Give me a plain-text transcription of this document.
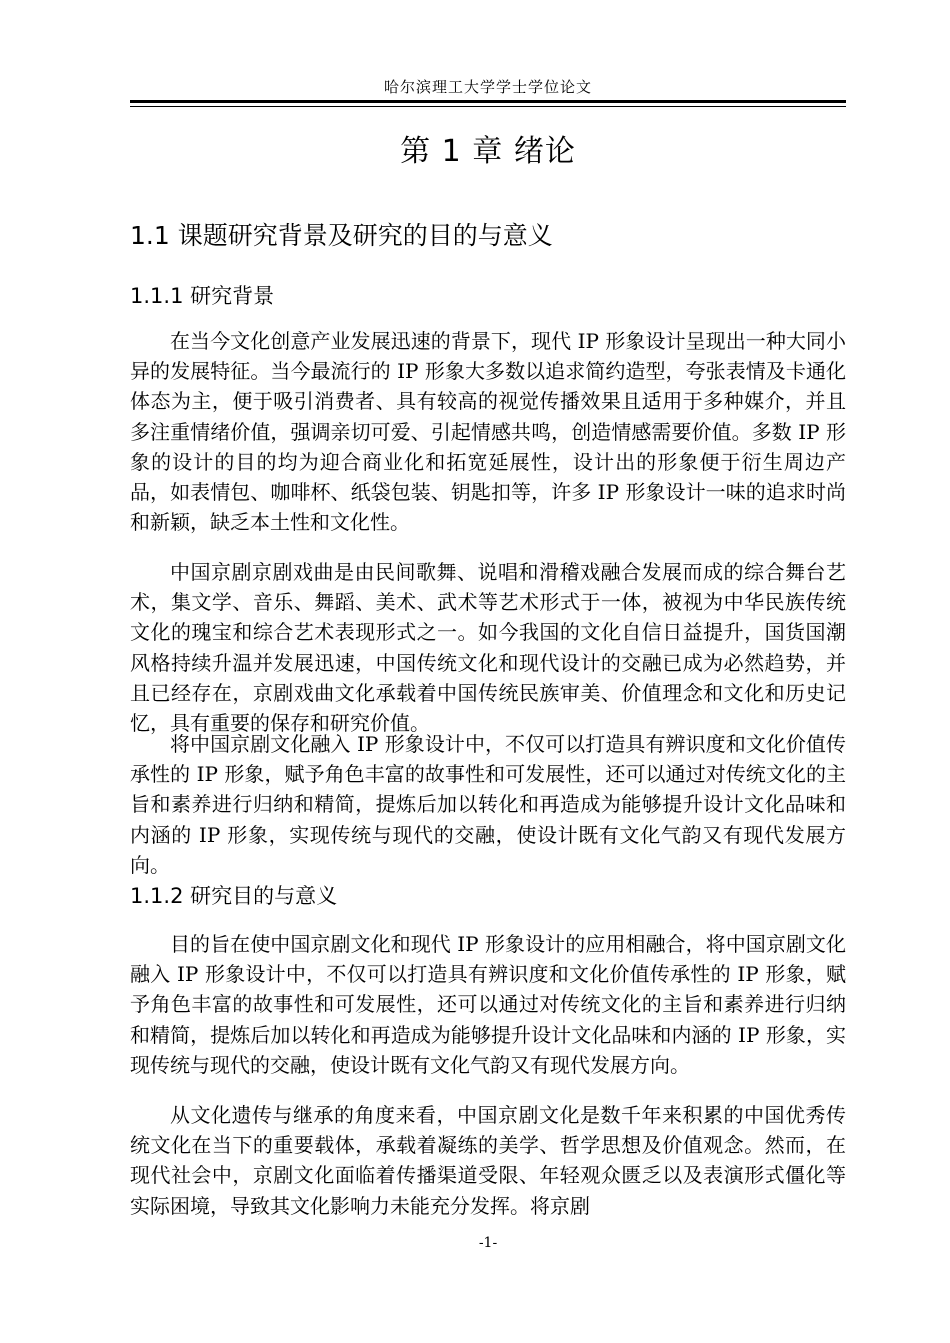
哈尔滨理工大学学士学位论文
第 1 章 绪论
1.1 课题研究背景及研究的目的与意义
1.1.1 研究背景

在当今文化创意产业发展迅速的背景下，现代 IP 形象设计呈现出一种大同小异的发展特征。当今最流行的 IP 形象大多数以追求简约造型，夸张表情及卡通化体态为主，便于吸引消费者、具有较高的视觉传播效果且适用于多种媒介，并且多注重情绪价值，强调亲切可爱、引起情感共鸣，创造情感需要价值。多数 IP 形象的设计的目的均为迎合商业化和拓宽延展性，设计出的形象便于衍生周边产品，如表情包、咖啡杯、纸袋包装、钥匙扣等，许多 IP 形象设计一味的追求时尚和新颖，缺乏本土性和文化性。

中国京剧京剧戏曲是由民间歌舞、说唱和滑稽戏融合发展而成的综合舞台艺术，集文学、音乐、舞蹈、美术、武术等艺术形式于一体，被视为中华民族传统文化的瑰宝和综合艺术表现形式之一。如今我国的文化自信日益提升，国货国潮风格持续升温并发展迅速，中国传统文化和现代设计的交融已成为必然趋势，并且已经存在，京剧戏曲文化承载着中国传统民族审美、价值理念和文化和历史记忆，具有重要的保存和研究价值。

将中国京剧文化融入 IP 形象设计中，不仅可以打造具有辨识度和文化价值传承性的 IP 形象，赋予角色丰富的故事性和可发展性，还可以通过对传统文化的主旨和素养进行归纳和精简，提炼后加以转化和再造成为能够提升设计文化品味和内涵的 IP 形象，实现传统与现代的交融，使设计既有文化气韵又有现代发展方向。

1.1.2 研究目的与意义

目的旨在使中国京剧文化和现代 IP 形象设计的应用相融合，将中国京剧文化融入 IP 形象设计中，不仅可以打造具有辨识度和文化价值传承性的 IP 形象，赋予角色丰富的故事性和可发展性，还可以通过对传统文化的主旨和素养进行归纳和精简，提炼后加以转化和再造成为能够提升设计文化品味和内涵的 IP 形象，实现传统与现代的交融，使设计既有文化气韵又有现代发展方向。

从文化遗传与继承的角度来看，中国京剧文化是数千年来积累的中国优秀传统文化在当下的重要载体，承载着凝练的美学、哲学思想及价值观念。然而，在现代社会中，京剧文化面临着传播渠道受限、年轻观众匮乏以及表演形式僵化等实际困境，导致其文化影响力未能充分发挥。将京剧

-1-
